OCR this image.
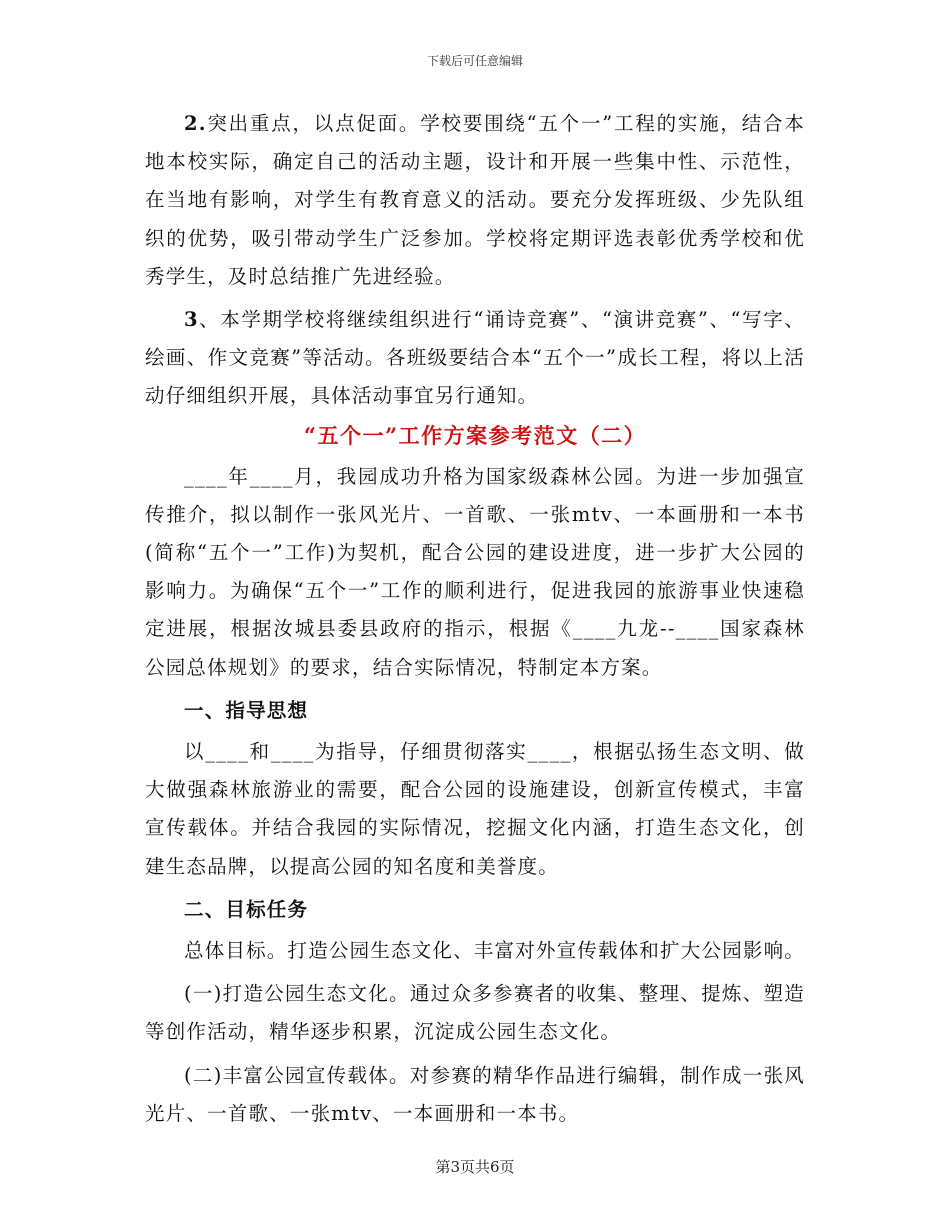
下载后可任意编辑

2.突出重点，以点促面。学校要围绕“五个一”工程的实施，结合本地本校实际，确定自己的活动主题，设计和开展一些集中性、示范性，在当地有影响，对学生有教育意义的活动。要充分发挥班级、少先队组织的优势，吸引带动学生广泛参加。学校将定期评选表彰优秀学校和优秀学生，及时总结推广先进经验。

3、本学期学校将继续组织进行“诵诗竞赛”、“演讲竞赛”、“写字、绘画、作文竞赛”等活动。各班级要结合本“五个一”成长工程，将以上活动仔细组织开展，具体活动事宜另行通知。

“五个一”工作方案参考范文（二）

____年____月，我园成功升格为国家级森林公园。为进一步加强宣传推介，拟以制作一张风光片、一首歌、一张mtv、一本画册和一本书(简称“五个一”工作)为契机，配合公园的建设进度，进一步扩大公园的影响力。为确保“五个一”工作的顺利进行，促进我园的旅游事业快速稳定进展，根据汝城县委县政府的指示，根据《____九龙--____国家森林公园总体规划》的要求，结合实际情况，特制定本方案。

一、指导思想

以____和____为指导，仔细贯彻落实____，根据弘扬生态文明、做大做强森林旅游业的需要，配合公园的设施建设，创新宣传模式，丰富宣传载体。并结合我园的实际情况，挖掘文化内涵，打造生态文化，创建生态品牌，以提高公园的知名度和美誉度。

二、目标任务

总体目标。打造公园生态文化、丰富对外宣传载体和扩大公园影响。

(一)打造公园生态文化。通过众多参赛者的收集、整理、提炼、塑造等创作活动，精华逐步积累，沉淀成公园生态文化。

(二)丰富公园宣传载体。对参赛的精华作品进行编辑，制作成一张风光片、一首歌、一张mtv、一本画册和一本书。

第3页共6页
